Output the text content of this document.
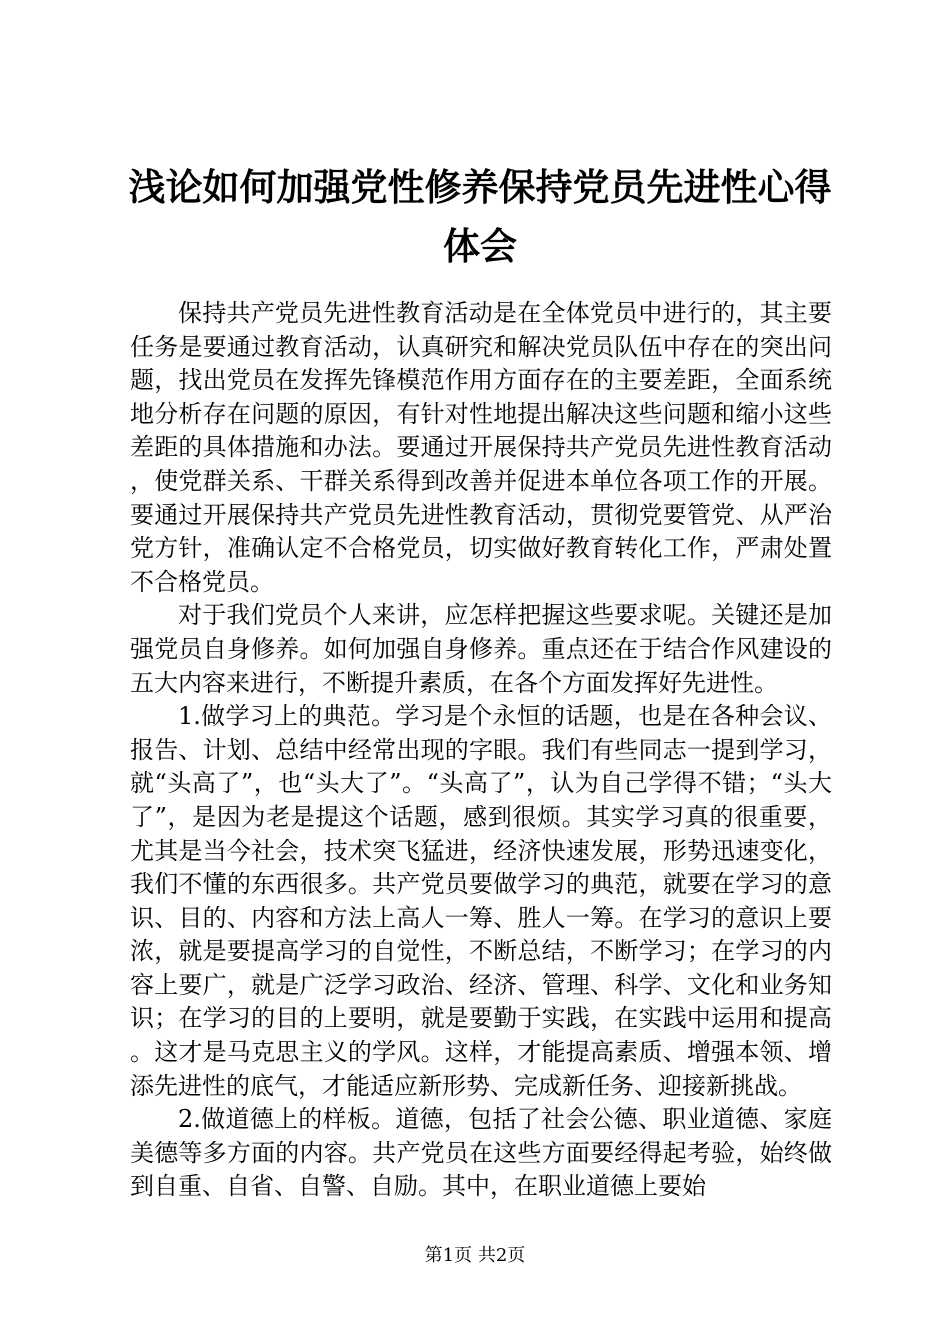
浅论如何加强党性修养保持党员先进性心得体会

保持共产党员先进性教育活动是在全体党员中进行的，其主要任务是要通过教育活动，认真研究和解决党员队伍中存在的突出问题，找出党员在发挥先锋模范作用方面存在的主要差距，全面系统地分析存在问题的原因，有针对性地提出解决这些问题和缩小这些差距的具体措施和办法。要通过开展保持共产党员先进性教育活动，使党群关系、干群关系得到改善并促进本单位各项工作的开展。要通过开展保持共产党员先进性教育活动，贯彻党要管党、从严治党方针，准确认定不合格党员，切实做好教育转化工作，严肃处置不合格党员。

对于我们党员个人来讲，应怎样把握这些要求呢。关键还是加强党员自身修养。如何加强自身修养。重点还在于结合作风建设的五大内容来进行，不断提升素质，在各个方面发挥好先进性。

1.做学习上的典范。学习是个永恒的话题，也是在各种会议、报告、计划、总结中经常出现的字眼。我们有些同志一提到学习，就“头高了”，也“头大了”。“头高了”，认为自己学得不错；“头大了”，是因为老是提这个话题，感到很烦。其实学习真的很重要，尤其是当今社会，技术突飞猛进，经济快速发展，形势迅速变化，我们不懂的东西很多。共产党员要做学习的典范，就要在学习的意识、目的、内容和方法上高人一筹、胜人一筹。在学习的意识上要浓，就是要提高学习的自觉性，不断总结，不断学习；在学习的内容上要广，就是广泛学习政治、经济、管理、科学、文化和业务知识；在学习的目的上要明，就是要勤于实践，在实践中运用和提高。这才是马克思主义的学风。这样，才能提高素质、增强本领、增添先进性的底气，才能适应新形势、完成新任务、迎接新挑战。

2.做道德上的样板。道德，包括了社会公德、职业道德、家庭美德等多方面的内容。共产党员在这些方面要经得起考验，始终做到自重、自省、自警、自励。其中，在职业道德上要始

第1页 共2页
